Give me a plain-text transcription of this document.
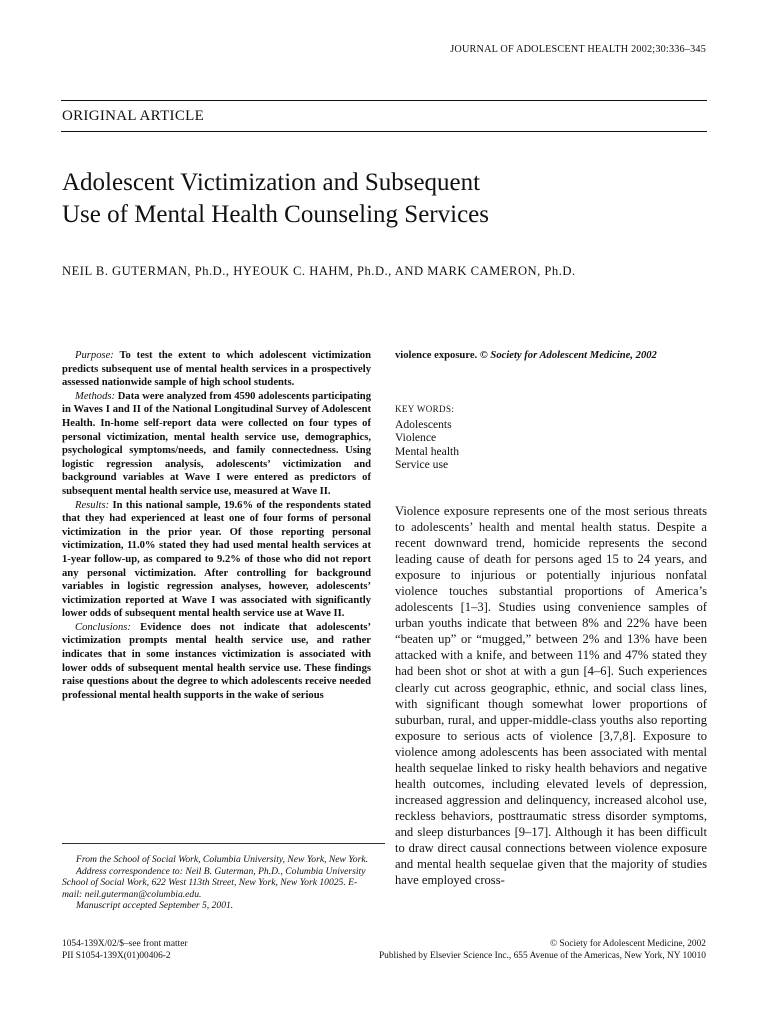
JOURNAL OF ADOLESCENT HEALTH 2002;30:336–345
ORIGINAL ARTICLE
Adolescent Victimization and Subsequent
Use of Mental Health Counseling Services
NEIL B. GUTERMAN, Ph.D., HYEOUK C. HAHM, Ph.D., AND MARK CAMERON, Ph.D.

Purpose: To test the extent to which adolescent victimization predicts subsequent use of mental health services in a prospectively assessed nationwide sample of high school students.

Methods: Data were analyzed from 4590 adolescents participating in Waves I and II of the National Longitudinal Survey of Adolescent Health. In-home self-report data were collected on four types of personal victimization, mental health service use, demographics, psychological symptoms/needs, and family connectedness. Using logistic regression analysis, adolescents’ victimization and background variables at Wave I were entered as predictors of subsequent mental health service use, measured at Wave II.

Results: In this national sample, 19.6% of the respondents stated that they had experienced at least one of four forms of personal victimization in the prior year. Of those reporting personal victimization, 11.0% stated they had used mental health services at 1-year follow-up, as compared to 9.2% of those who did not report any personal victimization. After controlling for background variables in logistic regression analyses, however, adolescents’ victimization reported at Wave I was associated with significantly lower odds of subsequent mental health service use at Wave II.

Conclusions: Evidence does not indicate that adolescents’ victimization prompts mental health service use, and rather indicates that in some instances victimization is associated with lower odds of subsequent mental health service use. These findings raise questions about the degree to which adolescents receive needed professional mental health supports in the wake of serious

From the School of Social Work, Columbia University, New York, New York.

Address correspondence to: Neil B. Guterman, Ph.D., Columbia University School of Social Work, 622 West 113th Street, New York, New York 10025. E-mail: neil.guterman@columbia.edu.

Manuscript accepted September 5, 2001.

violence exposure. © Society for Adolescent Medicine, 2002
KEY WORDS:
Adolescents
Violence
Mental health
Service use

Violence exposure represents one of the most serious threats to adolescents’ health and mental health status. Despite a recent downward trend, homicide represents the second leading cause of death for persons aged 15 to 24 years, and exposure to injurious or potentially injurious nonfatal violence touches substantial proportions of America’s adolescents [1–3]. Studies using convenience samples of urban youths indicate that between 8% and 22% have been “beaten up” or “mugged,” between 2% and 13% have been attacked with a knife, and between 11% and 47% stated they had been shot or shot at with a gun [4–6]. Such experiences clearly cut across geographic, ethnic, and social class lines, with significant though somewhat lower proportions of suburban, rural, and upper-middle-class youths also reporting exposure to serious acts of violence [3,7,8]. Exposure to violence among adolescents has been associated with mental health sequelae linked to risky health behaviors and negative health outcomes, including elevated levels of depression, increased aggression and delinquency, increased alcohol use, reckless behaviors, posttraumatic stress disorder symptoms, and sleep disturbances [9–17]. Although it has been difficult to draw direct causal connections between violence exposure and mental health sequelae given that the majority of studies have employed cross-

1054-139X/02/$–see front matter
PII S1054-139X(01)00406-2
© Society for Adolescent Medicine, 2002
Published by Elsevier Science Inc., 655 Avenue of the Americas, New York, NY 10010
